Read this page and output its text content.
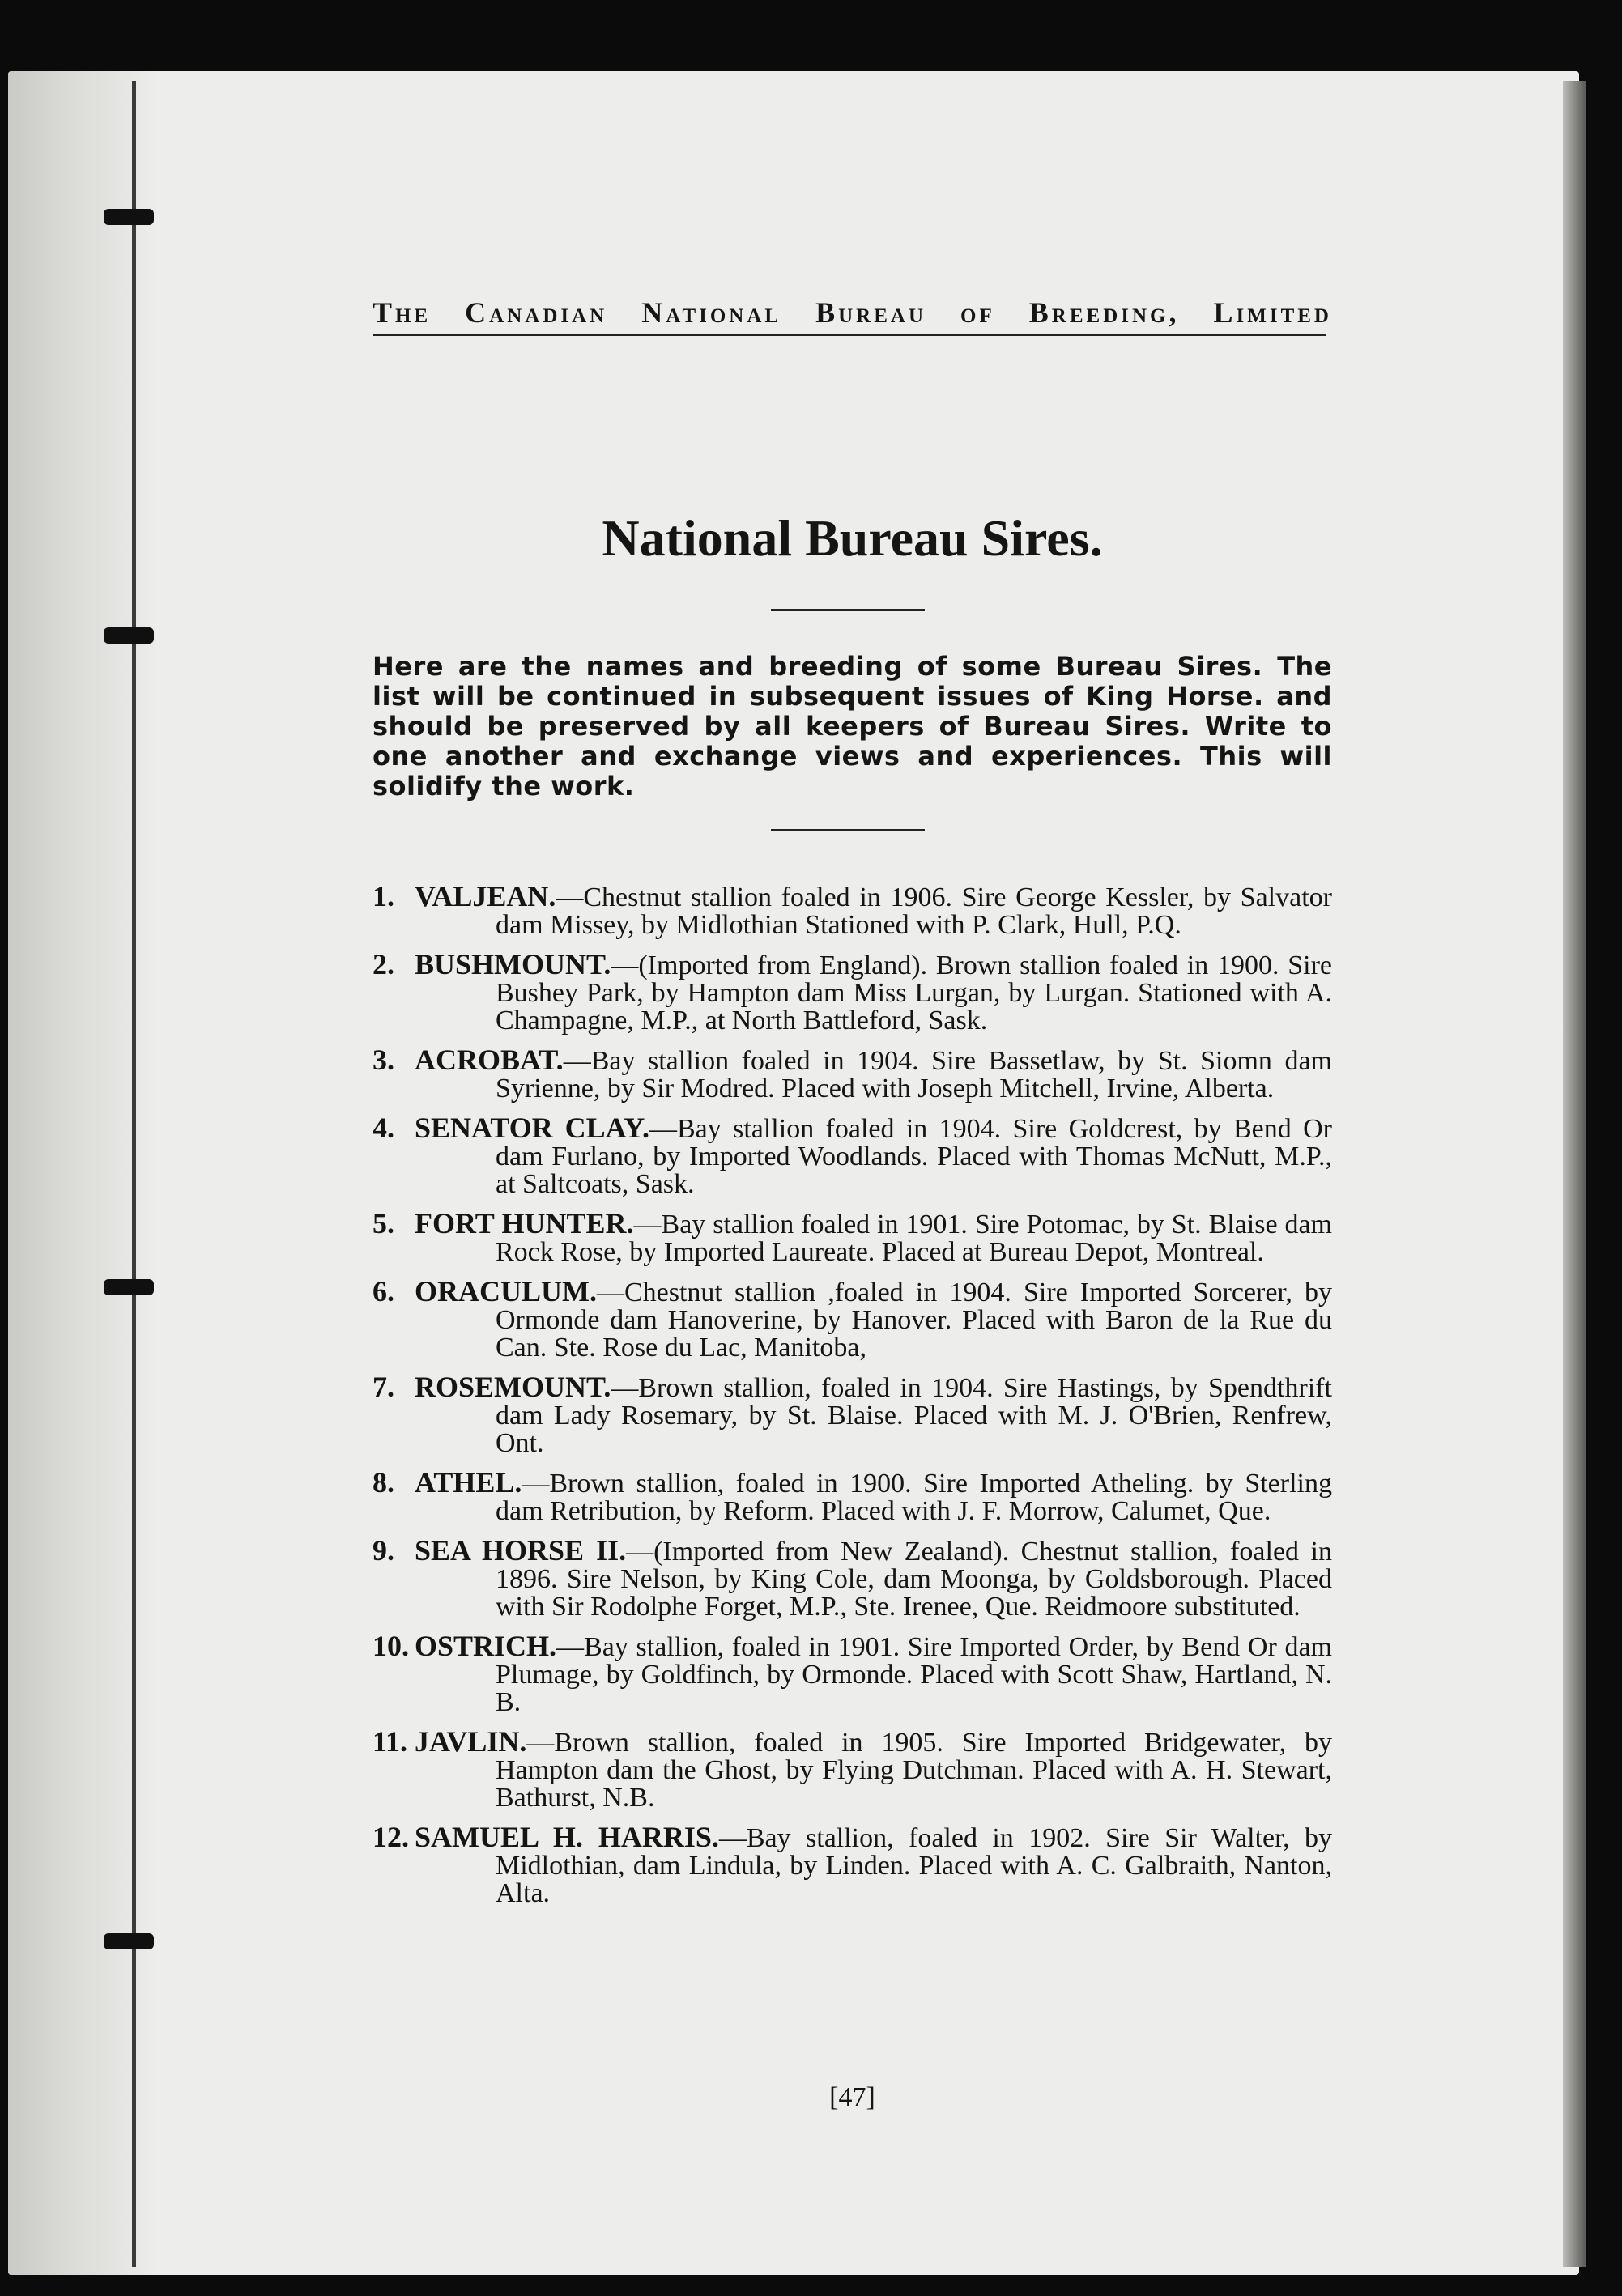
The Canadian National Bureau of Breeding, Limited
National Bureau Sires.

Here are the names and breeding of some Bureau Sires. The list will be continued in subsequent issues of King Horse. and should be preserved by all keepers of Bureau Sires. Write to one another and exchange views and experiences. This will solidify the work.

1. VALJEAN.—Chestnut stallion foaled in 1906. Sire George Kessler, by Salvator dam Missey, by Midlothian Stationed with P. Clark, Hull, P.Q.
2. BUSHMOUNT.—(Imported from England). Brown stallion foaled in 1900. Sire Bushey Park, by Hampton dam Miss Lurgan, by Lurgan. Stationed with A. Champagne, M.P., at North Battleford, Sask.
3. ACROBAT.—Bay stallion foaled in 1904. Sire Bassetlaw, by St. Siomn dam Syrienne, by Sir Modred. Placed with Joseph Mitchell, Irvine, Alberta.
4. SENATOR CLAY.—Bay stallion foaled in 1904. Sire Goldcrest, by Bend Or dam Furlano, by Imported Woodlands. Placed with Thomas McNutt, M.P., at Saltcoats, Sask.
5. FORT HUNTER.—Bay stallion foaled in 1901. Sire Potomac, by St. Blaise dam Rock Rose, by Imported Laureate. Placed at Bureau Depot, Montreal.
6. ORACULUM.—Chestnut stallion ,foaled in 1904. Sire Imported Sorcerer, by Ormonde dam Hanoverine, by Hanover. Placed with Baron de la Rue du Can. Ste. Rose du Lac, Manitoba,
7. ROSEMOUNT.—Brown stallion, foaled in 1904. Sire Hastings, by Spendthrift dam Lady Rosemary, by St. Blaise. Placed with M. J. O'Brien, Renfrew, Ont.
8. ATHEL.—Brown stallion, foaled in 1900. Sire Imported Atheling. by Sterling dam Retribution, by Reform. Placed with J. F. Morrow, Calumet, Que.
9. SEA HORSE II.—(Imported from New Zealand). Chestnut stallion, foaled in 1896. Sire Nelson, by King Cole, dam Moonga, by Goldsborough. Placed with Sir Rodolphe Forget, M.P., Ste. Irenee, Que. Reidmoore substituted.
10. OSTRICH.—Bay stallion, foaled in 1901. Sire Imported Order, by Bend Or dam Plumage, by Goldfinch, by Ormonde. Placed with Scott Shaw, Hartland, N. B.
11. JAVLIN.—Brown stallion, foaled in 1905. Sire Imported Bridgewater, by Hampton dam the Ghost, by Flying Dutchman. Placed with A. H. Stewart, Bathurst, N.B.
12. SAMUEL H. HARRIS.—Bay stallion, foaled in 1902. Sire Sir Walter, by Midlothian, dam Lindula, by Linden. Placed with A. C. Galbraith, Nanton, Alta.
[47]
